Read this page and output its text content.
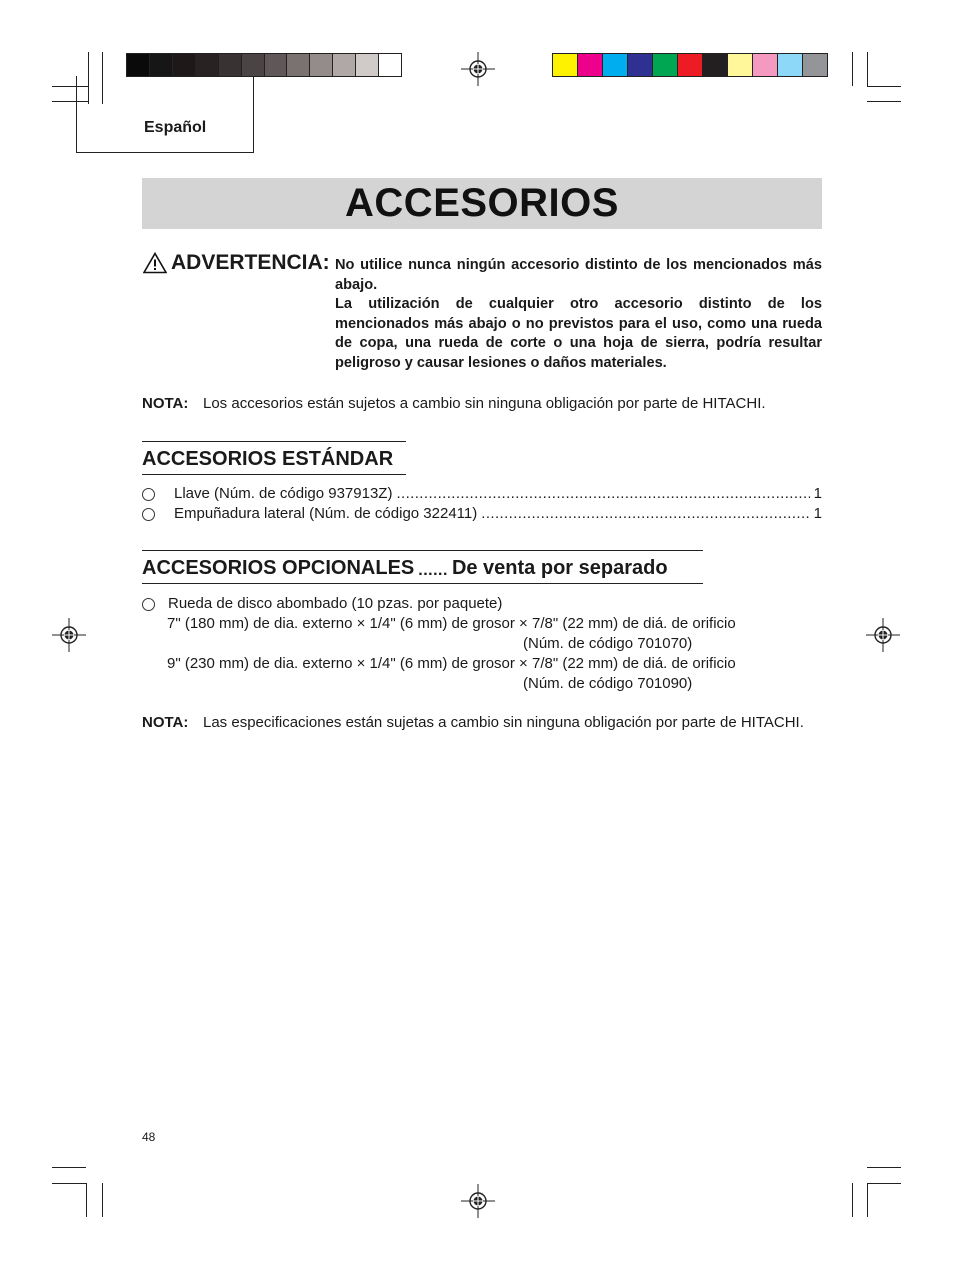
Español
ACCESORIOS
ADVERTENCIA: No utilice nunca ningún accesorio distinto de los mencionados más abajo.

La utilización de cualquier otro accesorio distinto de los mencionados más abajo o no previstos para el uso, como una rueda de copa, una rueda de corte o una hoja de sierra, podría resultar peligroso y causar lesiones o daños materiales.

NOTA: Los accesorios están sujetos a cambio sin ninguna obligación por parte de HITACHI.
ACCESORIOS ESTÁNDAR
Llave (Núm. de código 937913Z) .....	1
Empuñadura lateral (Núm. de código 322411) .....	1
ACCESORIOS OPCIONALES ...... De venta por separado
Rueda de disco abombado (10 pzas. por paquete)
7" (180 mm) de dia. externo × 1/4" (6 mm) de grosor × 7/8" (22 mm) de diá. de orificio
(Núm. de código 701070)
9" (230 mm) de dia. externo × 1/4" (6 mm) de grosor × 7/8" (22 mm) de diá. de orificio
(Núm. de código 701090)
NOTA: Las especificaciones están sujetas a cambio sin ninguna obligación por parte de HITACHI.
48
